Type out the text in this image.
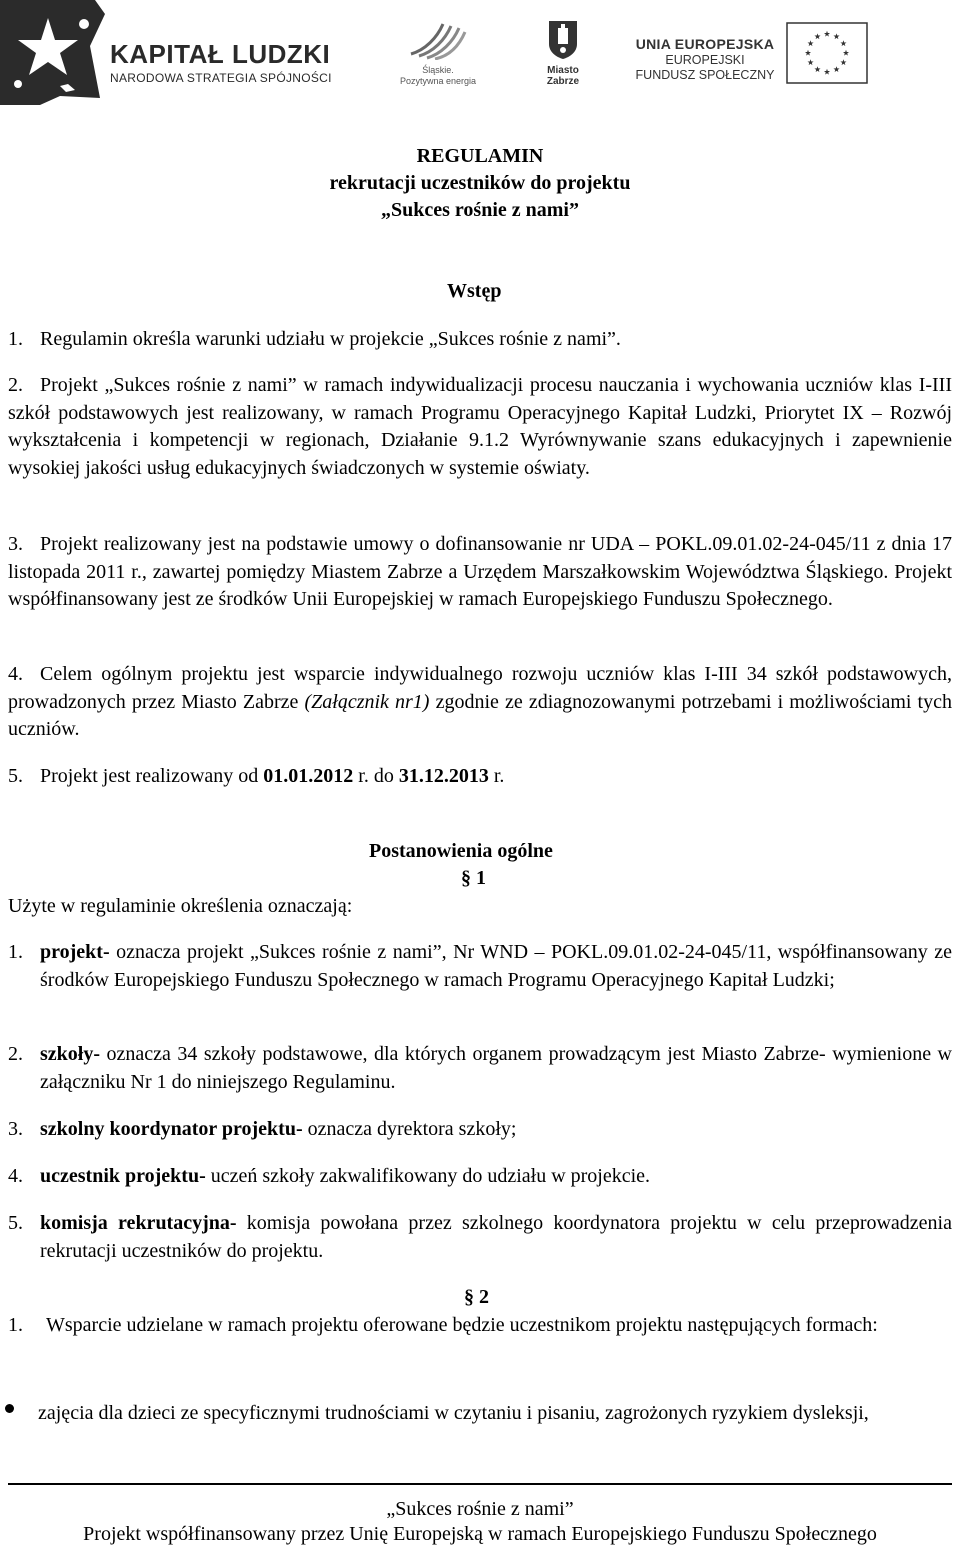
KAPITAŁ LUDZKI
NARODOWA STRATEGIA SPÓJNOŚCI
Śląskie.
Pozytywna energia
Miasto
Zabrze
UNIA EUROPEJSKA
EUROPEJSKI
FUNDUSZ SPOŁECZNY
REGULAMIN
rekrutacji uczestników do projektu
„Sukces rośnie z nami”
Wstęp
1. Regulamin określa warunki udziału w projekcie „Sukces rośnie z nami”.
2. Projekt „Sukces rośnie z nami” w ramach indywidualizacji procesu nauczania i wychowania uczniów klas I-III szkół podstawowych jest realizowany, w ramach Programu Operacyjnego Kapitał Ludzki, Priorytet IX – Rozwój wykształcenia i kompetencji w regionach, Działanie 9.1.2 Wyrównywanie szans edukacyjnych i zapewnienie wysokiej jakości usług edukacyjnych świadczonych w systemie oświaty.
3. Projekt realizowany jest na podstawie umowy o dofinansowanie nr UDA – POKL.09.01.02-24-045/11 z dnia 17 listopada 2011 r., zawartej pomiędzy Miastem Zabrze a Urzędem Marszałkowskim Województwa Śląskiego. Projekt współfinansowany jest ze środków Unii Europejskiej w ramach Europejskiego Funduszu Społecznego.
4. Celem ogólnym projektu jest wsparcie indywidualnego rozwoju uczniów klas I-III 34 szkół podstawowych, prowadzonych przez Miasto Zabrze (Załącznik nr1) zgodnie ze zdiagnozowanymi potrzebami i możliwościami tych uczniów.
5. Projekt jest realizowany od 01.01.2012 r. do 31.12.2013 r.
Postanowienia ogólne
§ 1
Użyte w regulaminie określenia oznaczają:
1. projekt- oznacza projekt „Sukces rośnie z nami”, Nr WND – POKL.09.01.02-24-045/11, współfinansowany ze środków Europejskiego Funduszu Społecznego w ramach Programu Operacyjnego Kapitał Ludzki;
2. szkoły- oznacza 34 szkoły podstawowe, dla których organem prowadzącym jest Miasto Zabrze- wymienione w załączniku Nr 1 do niniejszego Regulaminu.
3. szkolny koordynator projektu- oznacza dyrektora szkoły;
4. uczestnik projektu- uczeń szkoły zakwalifikowany do udziału w projekcie.
5. komisja rekrutacyjna- komisja powołana przez szkolnego koordynatora projektu w celu przeprowadzenia rekrutacji uczestników do projektu.
§ 2
1. Wsparcie udzielane w ramach projektu oferowane będzie uczestnikom projektu następujących formach:
zajęcia dla dzieci ze specyficznymi trudnościami w czytaniu i pisaniu, zagrożonych ryzykiem dysleksji,
„Sukces rośnie z nami”
Projekt współfinansowany przez Unię Europejską w ramach Europejskiego Funduszu Społecznego
